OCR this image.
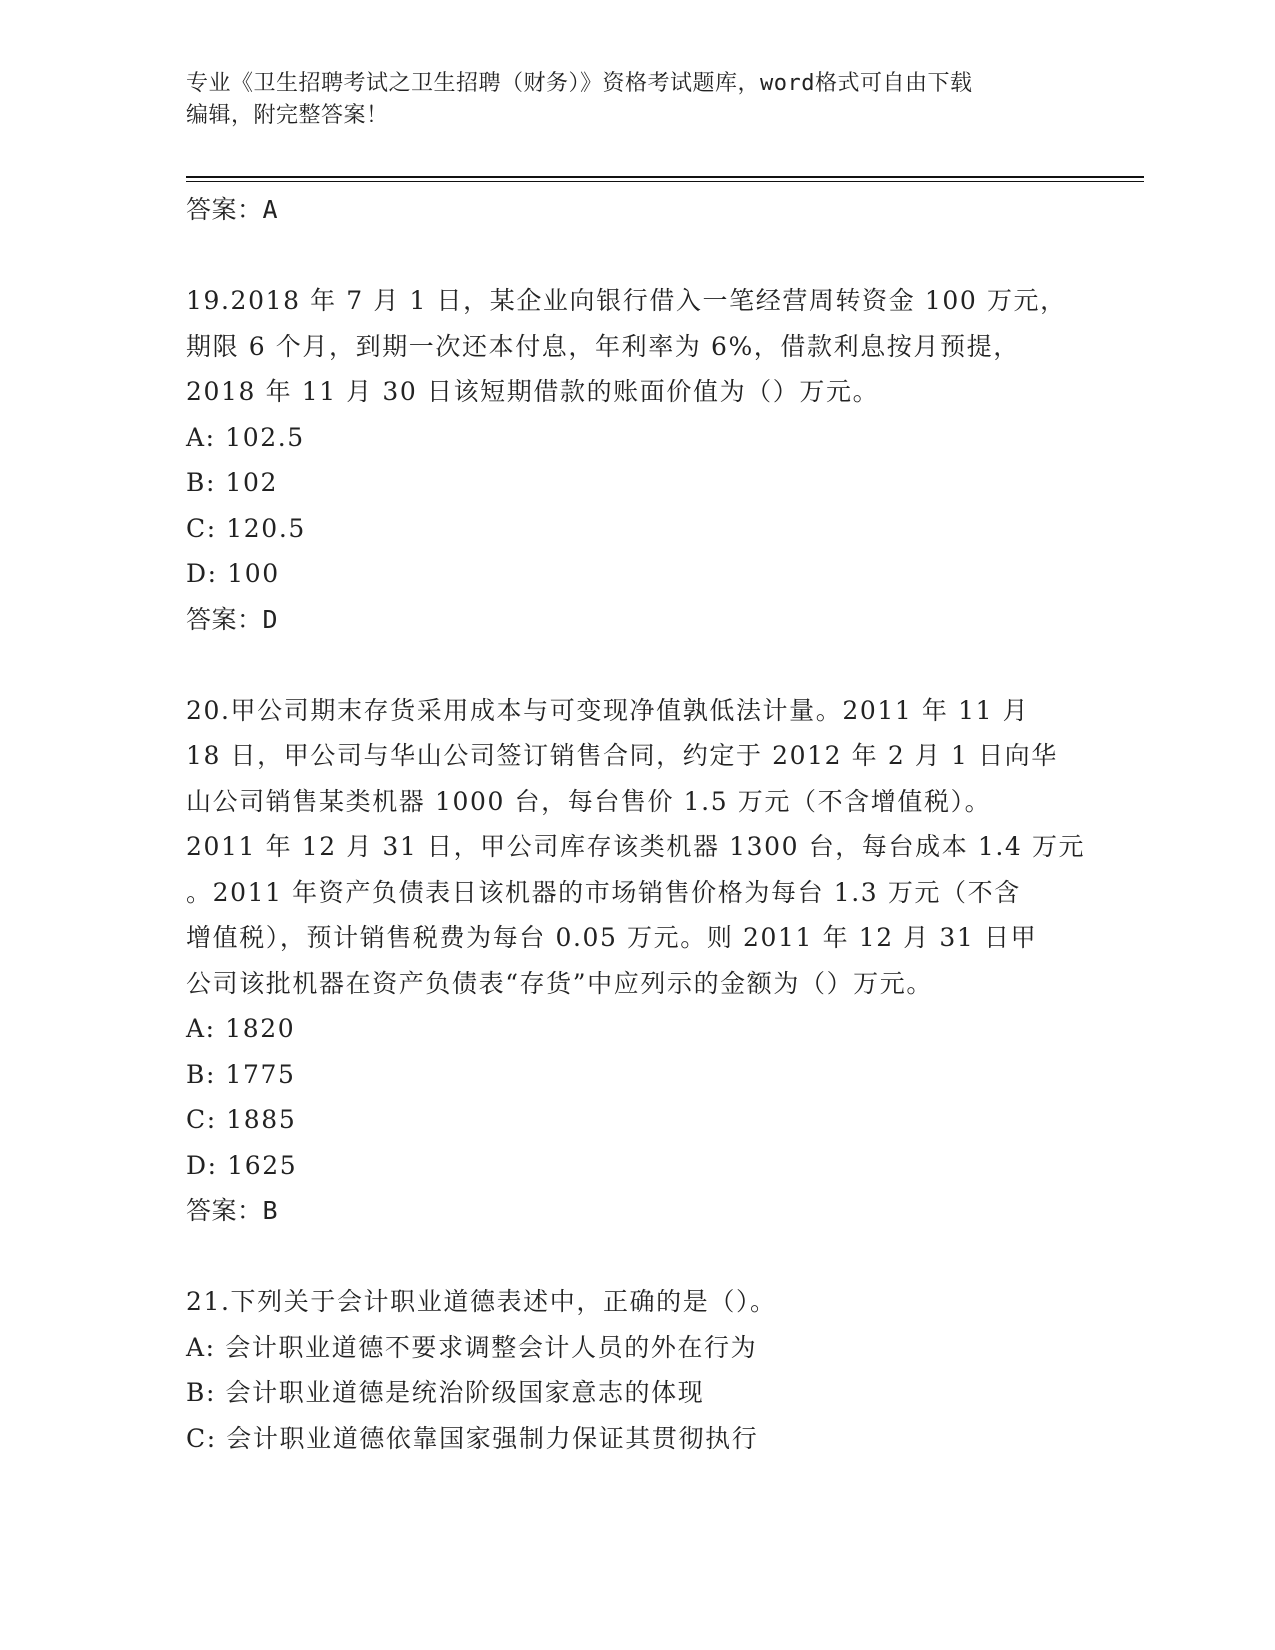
专业《卫生招聘考试之卫生招聘（财务）》资格考试题库，word格式可自由下载
编辑，附完整答案！
答案：A
19.2018 年 7 月 1 日，某企业向银行借入一笔经营周转资金 100 万元，
期限 6 个月，到期一次还本付息，年利率为 6%，借款利息按月预提，
2018 年 11 月 30 日该短期借款的账面价值为（）万元。
A: 102.5
B: 102
C: 120.5
D: 100
答案：D
20.甲公司期末存货采用成本与可变现净值孰低法计量。2011 年 11 月
18 日，甲公司与华山公司签订销售合同，约定于 2012 年 2 月 1 日向华
山公司销售某类机器 1000 台，每台售价 1.5 万元（不含增值税）。
2011 年 12 月 31 日，甲公司库存该类机器 1300 台，每台成本 1.4 万元
。2011 年资产负债表日该机器的市场销售价格为每台 1.3 万元（不含
增值税），预计销售税费为每台 0.05 万元。则 2011 年 12 月 31 日甲
公司该批机器在资产负债表“存货”中应列示的金额为（）万元。
A: 1820
B: 1775
C: 1885
D: 1625
答案：B
21.下列关于会计职业道德表述中，正确的是（）。
A: 会计职业道德不要求调整会计人员的外在行为
B: 会计职业道德是统治阶级国家意志的体现
C: 会计职业道德依靠国家强制力保证其贯彻执行
